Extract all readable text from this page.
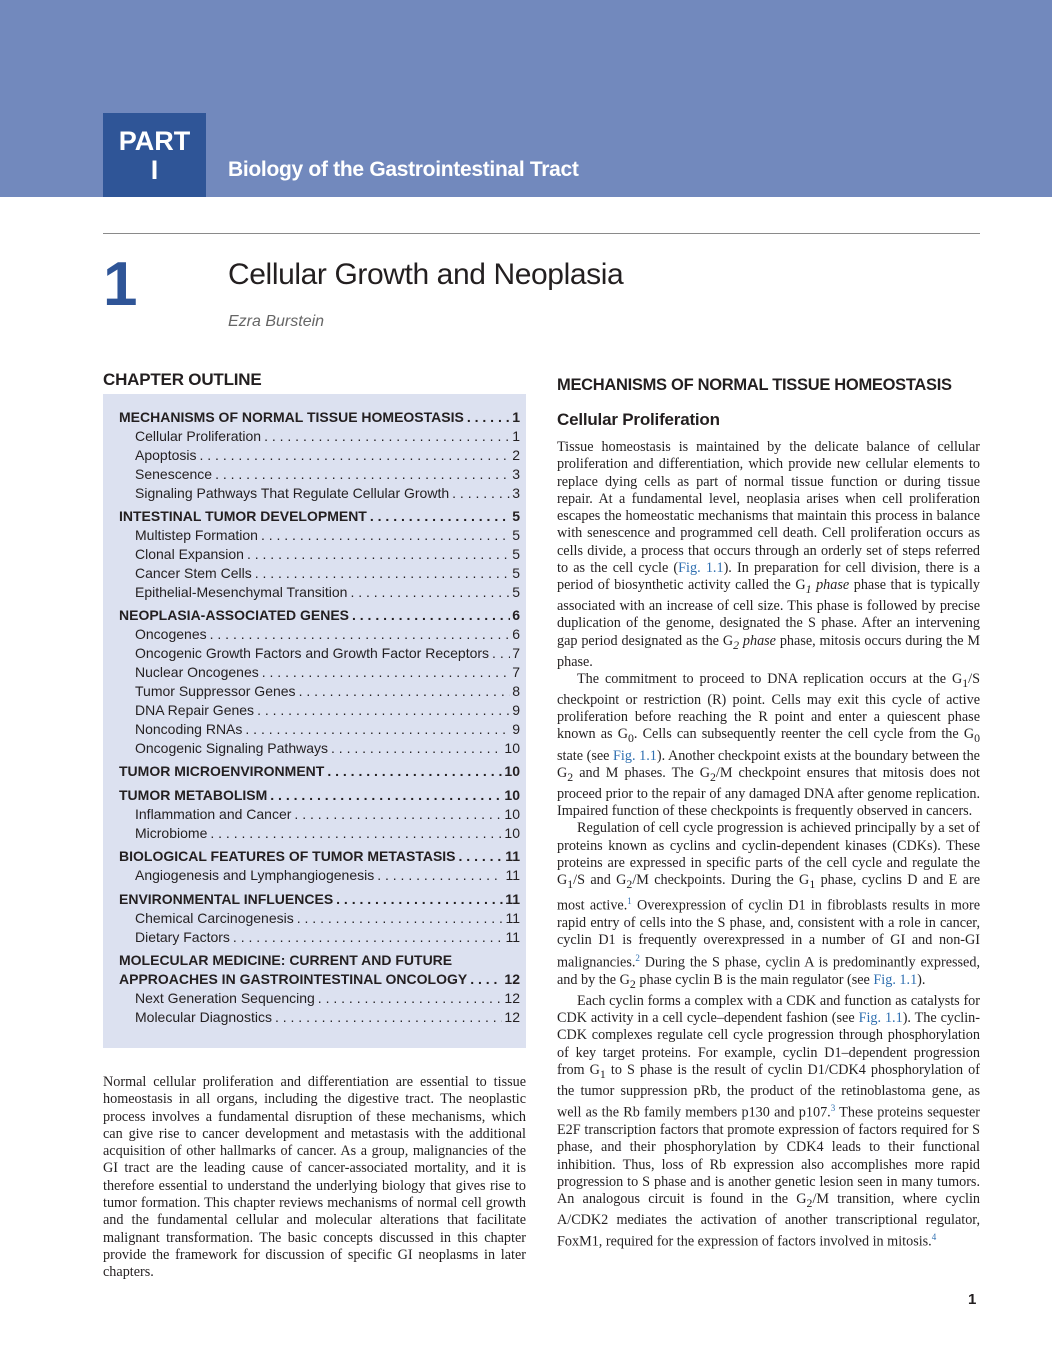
PART
I	Biology of the Gastrointestinal Tract
1	Cellular Growth and Neoplasia
Ezra Burstein
CHAPTER OUTLINE
MECHANISMS OF NORMAL TISSUE HOMEOSTASIS . . .	1
Cellular Proliferation . . .	1
Apoptosis . . .	2
Senescence . . .	3
Signaling Pathways That Regulate Cellular Growth . . .	3
INTESTINAL TUMOR DEVELOPMENT . . .	5
Multistep Formation . . .	5
Clonal Expansion . . .	5
Cancer Stem Cells . . .	5
Epithelial-Mesenchymal Transition . . .	5
NEOPLASIA-ASSOCIATED GENES . . .	6
Oncogenes . . .	6
Oncogenic Growth Factors and Growth Factor Receptors . . . 7
Nuclear Oncogenes . . .	7
Tumor Suppressor Genes . . .	8
DNA Repair Genes . . .	9
Noncoding RNAs . . .	9
Oncogenic Signaling Pathways . . .	10
TUMOR MICROENVIRONMENT . . .	10
TUMOR METABOLISM . . .	10
Inflammation and Cancer . . .	10
Microbiome . . .	10
BIOLOGICAL FEATURES OF TUMOR METASTASIS . . .	11
Angiogenesis and Lymphangiogenesis . . .	11
ENVIRONMENTAL INFLUENCES . . .	11
Chemical Carcinogenesis . . .	11
Dietary Factors . . .	11
MOLECULAR MEDICINE: CURRENT AND FUTURE
APPROACHES IN GASTROINTESTINAL ONCOLOGY . . .	12
Next Generation Sequencing . . .	12
Molecular Diagnostics . . .	12

Normal cellular proliferation and differentiation are essential to tissue homeostasis in all organs, including the digestive tract. The neoplastic process involves a fundamental disruption of these mechanisms, which can give rise to cancer development and metastasis with the additional acquisition of other hallmarks of cancer. As a group, malignancies of the GI tract are the leading cause of cancer-associated mortality, and it is therefore essential to understand the underlying biology that gives rise to tumor formation. This chapter reviews mechanisms of normal cell growth and the fundamental cellular and molecular alterations that facilitate malignant transformation. The basic concepts discussed in this chapter provide the framework for discussion of specific GI neoplasms in later chapters.

MECHANISMS OF NORMAL TISSUE HOMEOSTASIS
Cellular Proliferation

Tissue homeostasis is maintained by the delicate balance of cellular proliferation and differentiation, which provide new cellular elements to replace dying cells as part of normal tissue function or during tissue repair. At a fundamental level, neoplasia arises when cell proliferation escapes the homeostatic mechanisms that maintain this process in balance with senescence and programmed cell death. Cell proliferation occurs as cells divide, a process that occurs through an orderly set of steps referred to as the cell cycle (Fig. 1.1). In preparation for cell division, there is a period of biosynthetic activity called the $G_1$ phase phase that is typically associated with an increase of cell size. This phase is followed by precise duplication of the genome, designated the S phase. After an intervening gap period designated as the $G_2$ phase phase, mitosis occurs during the M phase.

The commitment to proceed to DNA replication occurs at the $G_1/S$ checkpoint or restriction (R) point. Cells may exit this cycle of active proliferation before reaching the R point and enter a quiescent phase known as $G_0$. Cells can subsequently reenter the cell cycle from the $G_0$ state (see Fig. 1.1). Another checkpoint exists at the boundary between the $G_2$ and M phases. The $G_2/M$ checkpoint ensures that mitosis does not proceed prior to the repair of any damaged DNA after genome replication. Impaired function of these checkpoints is frequently observed in cancers.

Regulation of cell cycle progression is achieved principally by a set of proteins known as cyclins and cyclin-dependent kinases (CDKs). These proteins are expressed in specific parts of the cell cycle and regulate the $G_1/S$ and $G_2/M$ checkpoints. During the $G_1$ phase, cyclins D and E are most active.$^1$ Overexpression of cyclin D1 in fibroblasts results in more rapid entry of cells into the S phase, and, consistent with a role in cancer, cyclin D1 is frequently overexpressed in a number of GI and non-GI malignancies.$^2$ During the S phase, cyclin A is predominantly expressed, and by the $G_2$ phase cyclin B is the main regulator (see Fig. 1.1).

Each cyclin forms a complex with a CDK and function as catalysts for CDK activity in a cell cycle–dependent fashion (see Fig. 1.1). The cyclin-CDK complexes regulate cell cycle progression through phosphorylation of key target proteins. For example, cyclin D1–dependent progression from $G_1$ to S phase is the result of cyclin D1/CDK4 phosphorylation of the tumor suppression pRb, the product of the retinoblastoma gene, as well as the Rb family members p130 and p107.$^3$ These proteins sequester E2F transcription factors that promote expression of factors required for S phase, and their phosphorylation by CDK4 leads to their functional inhibition. Thus, loss of Rb expression also accomplishes more rapid progression to S phase and is another genetic lesion seen in many tumors. An analogous circuit is found in the $G_2/M$ transition, where cyclin A/CDK2 mediates the activation of another transcriptional regulator, FoxM1, required for the expression of factors involved in mitosis.$^4$

1
